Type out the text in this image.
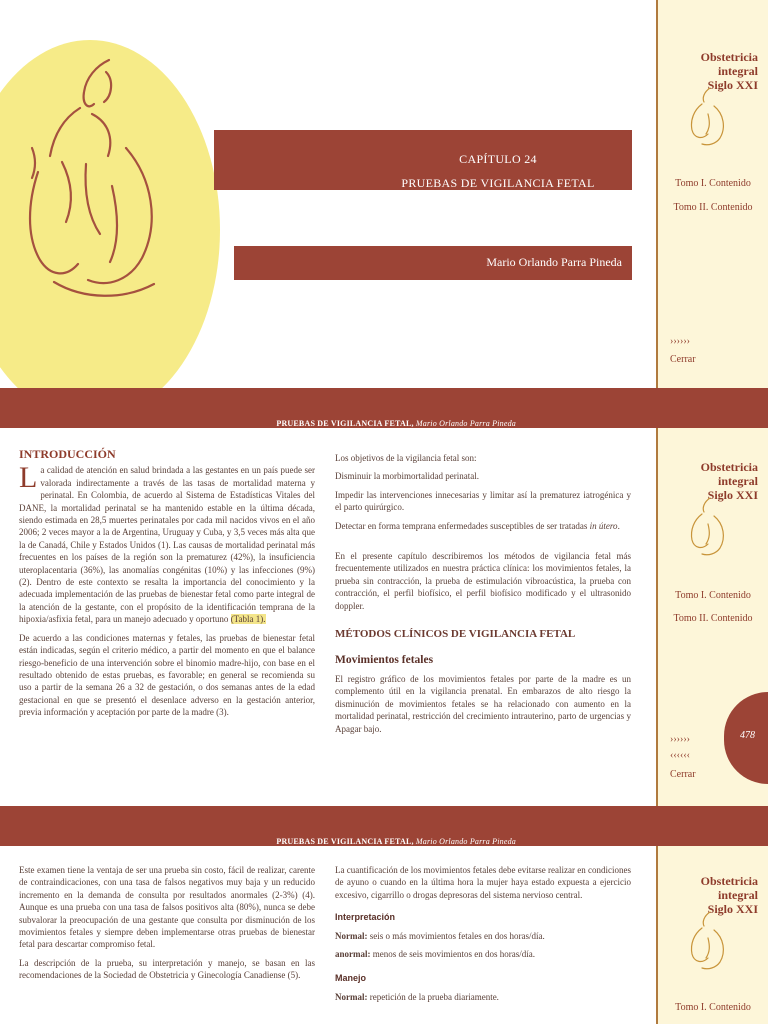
CAPÍTULO 24
PRUEBAS DE VIGILANCIA FETAL
Mario Orlando Parra Pineda
Obstetricia integral
Siglo XXI
Tomo I. Contenido
Tomo II. Contenido
››››››
Cerrar
PRUEBAS DE VIGILANCIA FETAL, Mario Orlando Parra Pineda
INTRODUCCIÓN

La calidad de atención en salud brindada a las gestantes en un país puede ser valorada indirectamente a través de las tasas de mortalidad materna y perinatal. En Colombia, de acuerdo al Sistema de Estadísticas Vitales del DANE, la mortalidad perinatal se ha mantenido estable en la última década, siendo estimada en 28,5 muertes perinatales por cada mil nacidos vivos en el año 2006; 2 veces mayor a la de Argentina, Uruguay y Cuba, y 3,5 veces más alta que la de Canadá, Chile y Estados Unidos (1). Las causas de mortalidad perinatal más frecuentes en los países de la región son la prematurez (42%), la insuficiencia uteroplacentaria (36%), las anomalías congénitas (10%) y las infecciones (9%) (2). Dentro de este contexto se resalta la importancia del conocimiento y la adecuada implementación de las pruebas de bienestar fetal como parte integral de la atención de la gestante, con el propósito de la identificación temprana de la hipoxia/asfixia fetal, para un manejo adecuado y oportuno (Tabla 1).

De acuerdo a las condiciones maternas y fetales, las pruebas de bienestar fetal están indicadas, según el criterio médico, a partir del momento en que el balance riesgo-beneficio de una intervención sobre el binomio madre-hijo, con base en el resultado obtenido de estas pruebas, es favorable; en general se recomienda su uso a partir de la semana 26 a 32 de gestación, o dos semanas antes de la edad gestacional en que se presentó el desenlace adverso en la gestación anterior, previa información y aceptación por parte de la madre (3).

Los objetivos de la vigilancia fetal son:

Disminuir la morbimortalidad perinatal.

Impedir las intervenciones innecesarias y limitar así la prematurez iatrogénica y el parto quirúrgico.

Detectar en forma temprana enfermedades susceptibles de ser tratadas in útero.

En el presente capítulo describiremos los métodos de vigilancia fetal más frecuentemente utilizados en nuestra práctica clínica: los movimientos fetales, la prueba sin contracción, la prueba de estimulación vibroacústica, la prueba con contracción, el perfil biofísico, el perfil biofísico modificado y el ultrasonido doppler.

MÉTODOS CLÍNICOS DE VIGILANCIA FETAL
Movimientos fetales

El registro gráfico de los movimientos fetales por parte de la madre es un complemento útil en la vigilancia prenatal. En embarazos de alto riesgo la disminución de movimientos fetales se ha relacionado con aumento en la mortalidad perinatal, restricción del crecimiento intrauterino, parto de urgencias y Apagar bajo.

Obstetricia integral
Siglo XXI
Tomo I. Contenido
Tomo II. Contenido
››››››
‹‹‹‹‹‹
Cerrar
478
PRUEBAS DE VIGILANCIA FETAL, Mario Orlando Parra Pineda

Este examen tiene la ventaja de ser una prueba sin costo, fácil de realizar, carente de contraindicaciones, con una tasa de falsos negativos muy baja y un reducido incremento en la demanda de consulta por resultados anormales (2-3%) (4). Aunque es una prueba con una tasa de falsos positivos alta (80%), nunca se debe subvalorar la preocupación de una gestante que consulta por disminución de los movimientos fetales y siempre deben implementarse otras pruebas de bienestar fetal para descartar compromiso fetal.

La descripción de la prueba, su interpretación y manejo, se basan en las recomendaciones de la Sociedad de Obstetricia y Ginecología Canadiense (5).

La cuantificación de los movimientos fetales debe evitarse realizar en condiciones de ayuno o cuando en la última hora la mujer haya estado expuesta a ejercicio excesivo, cigarrillo o drogas depresoras del sistema nervioso central.

Interpretación

Normal: seis o más movimientos fetales en dos horas/día.

anormal: menos de seis movimientos en dos horas/día.

Manejo

Normal: repetición de la prueba diariamente.

Obstetricia integral
Siglo XXI
Tomo I. Contenido
